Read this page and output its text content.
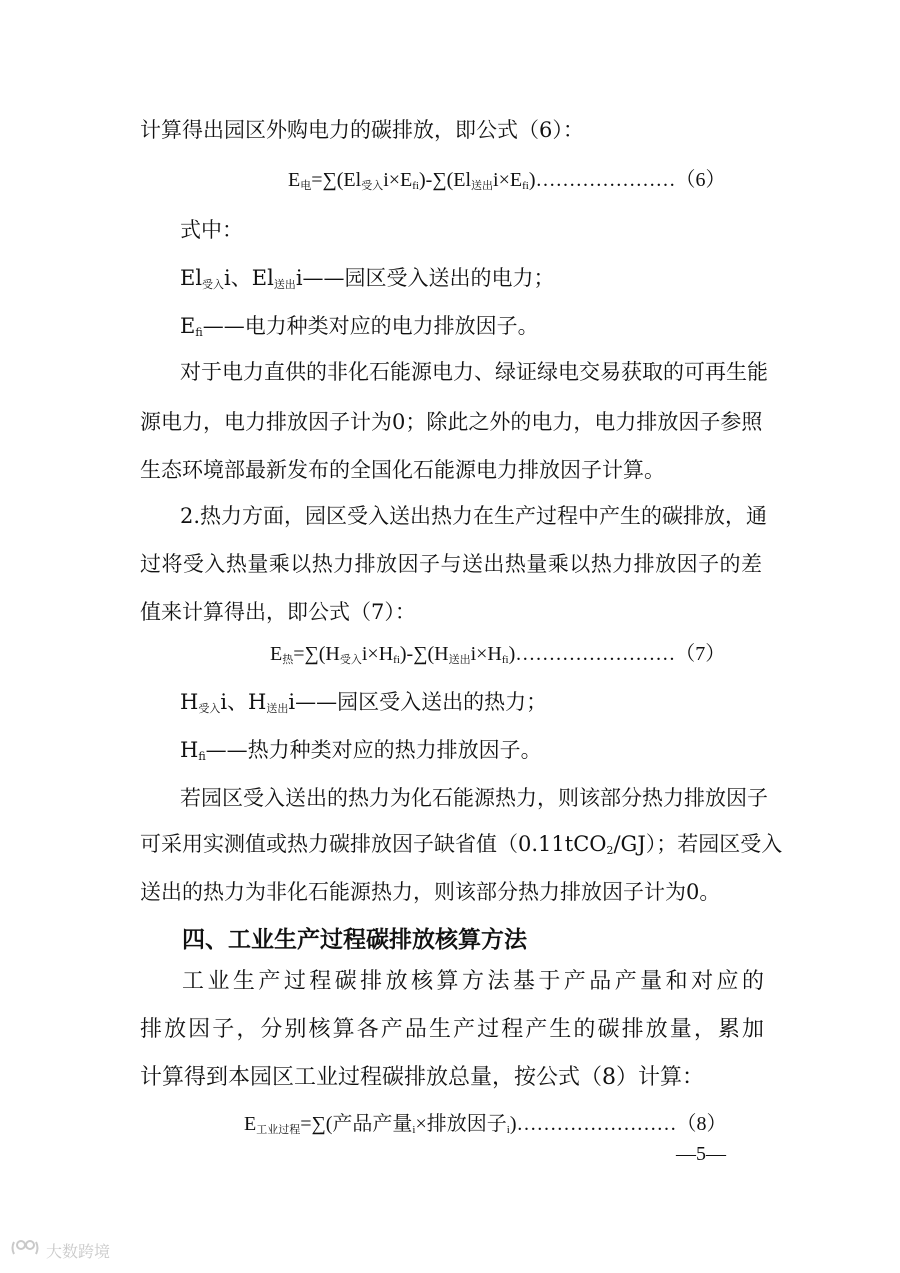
计算得出园区外购电力的碳排放，即公式（6）：
$E_电=\sum(El_{受入}i\times E_{fi})-\sum(El_{送出}i\times E_{fi})\dots\dots\dots\dots\dots\dots\dots(6)$
式中：
$El_{受入}i$、$El_{送出}i——$园区受入送出的电力；
$E_{fi}——$电力种类对应的电力排放因子。
对于电力直供的非化石能源电力、绿证绿电交易获取的可再生能
源电力，电力排放因子计为0；除此之外的电力，电力排放因子参照
生态环境部最新发布的全国化石能源电力排放因子计算。
2.热力方面，园区受入送出热力在生产过程中产生的碳排放，通
过将受入热量乘以热力排放因子与送出热量乘以热力排放因子的差
值来计算得出，即公式（7）：
$E_热=\sum(H_{受入}i\times H_{fi})-\sum(H_{送出}i\times H_{fi})\dots\dots\dots\dots\dots\dots\dots\dots(7)$
$H_{受入}i$、$H_{送出}i——$园区受入送出的热力；
$H_{fi}——$热力种类对应的热力排放因子。
若园区受入送出的热力为化石能源热力，则该部分热力排放因子
可采用实测值或热力碳排放因子缺省值（0.11tCO$_2$/GJ）；若园区受入
送出的热力为非化石能源热力，则该部分热力排放因子计为0。
四、工业生产过程碳排放核算方法
工业生产过程碳排放核算方法基于产品产量和对应的
排放因子，分别核算各产品生产过程产生的碳排放量，累加
计算得到本园区工业过程碳排放总量，按公式（8）计算：
$E_{工业过程}=\sum$(产品产量$_i$×排放因子$_i$)……………………（8）
—5—
大数跨境
